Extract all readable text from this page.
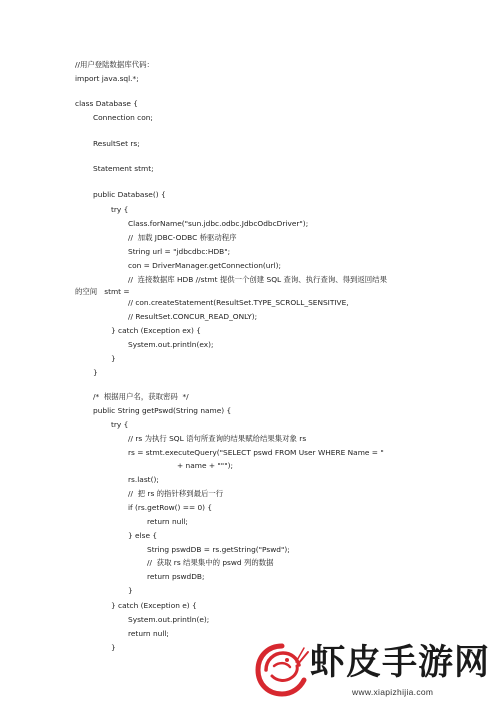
//用户登陆数据库代码：
import java.sql.*;
class Database {
Connection con;
ResultSet rs;
Statement stmt;
public Database() {
try {
Class.forName("sun.jdbc.odbc.JdbcOdbcDriver");
//  加载 JDBC-ODBC 桥驱动程序
String url = "jdbcdbc:HDB";
con = DriverManager.getConnection(url);
//  连接数据库 HDB //stmt 提供一个创建 SQL 查询、执行查询、得到返回结果
的空间   stmt =
// con.createStatement(ResultSet.TYPE_SCROLL_SENSITIVE,
// ResultSet.CONCUR_READ_ONLY);
} catch (Exception ex) {
System.out.println(ex);
}
}
/*  根据用户名，获取密码  */
public String getPswd(String name) {
try {
// rs 为执行 SQL 语句所查询的结果赋给结果集对象 rs
rs = stmt.executeQuery("SELECT pswd FROM User WHERE Name = "
+ name + """);
rs.last();
//  把 rs 的指针移到最后一行
if (rs.getRow() == 0) {
return null;
} else {
String pswdDB = rs.getString("Pswd");
//  获取 rs 结果集中的 pswd 列的数据
return pswdDB;
}
} catch (Exception e) {
System.out.println(e);
return null;
}	虾皮手游网
www.xiapizhijia.com
